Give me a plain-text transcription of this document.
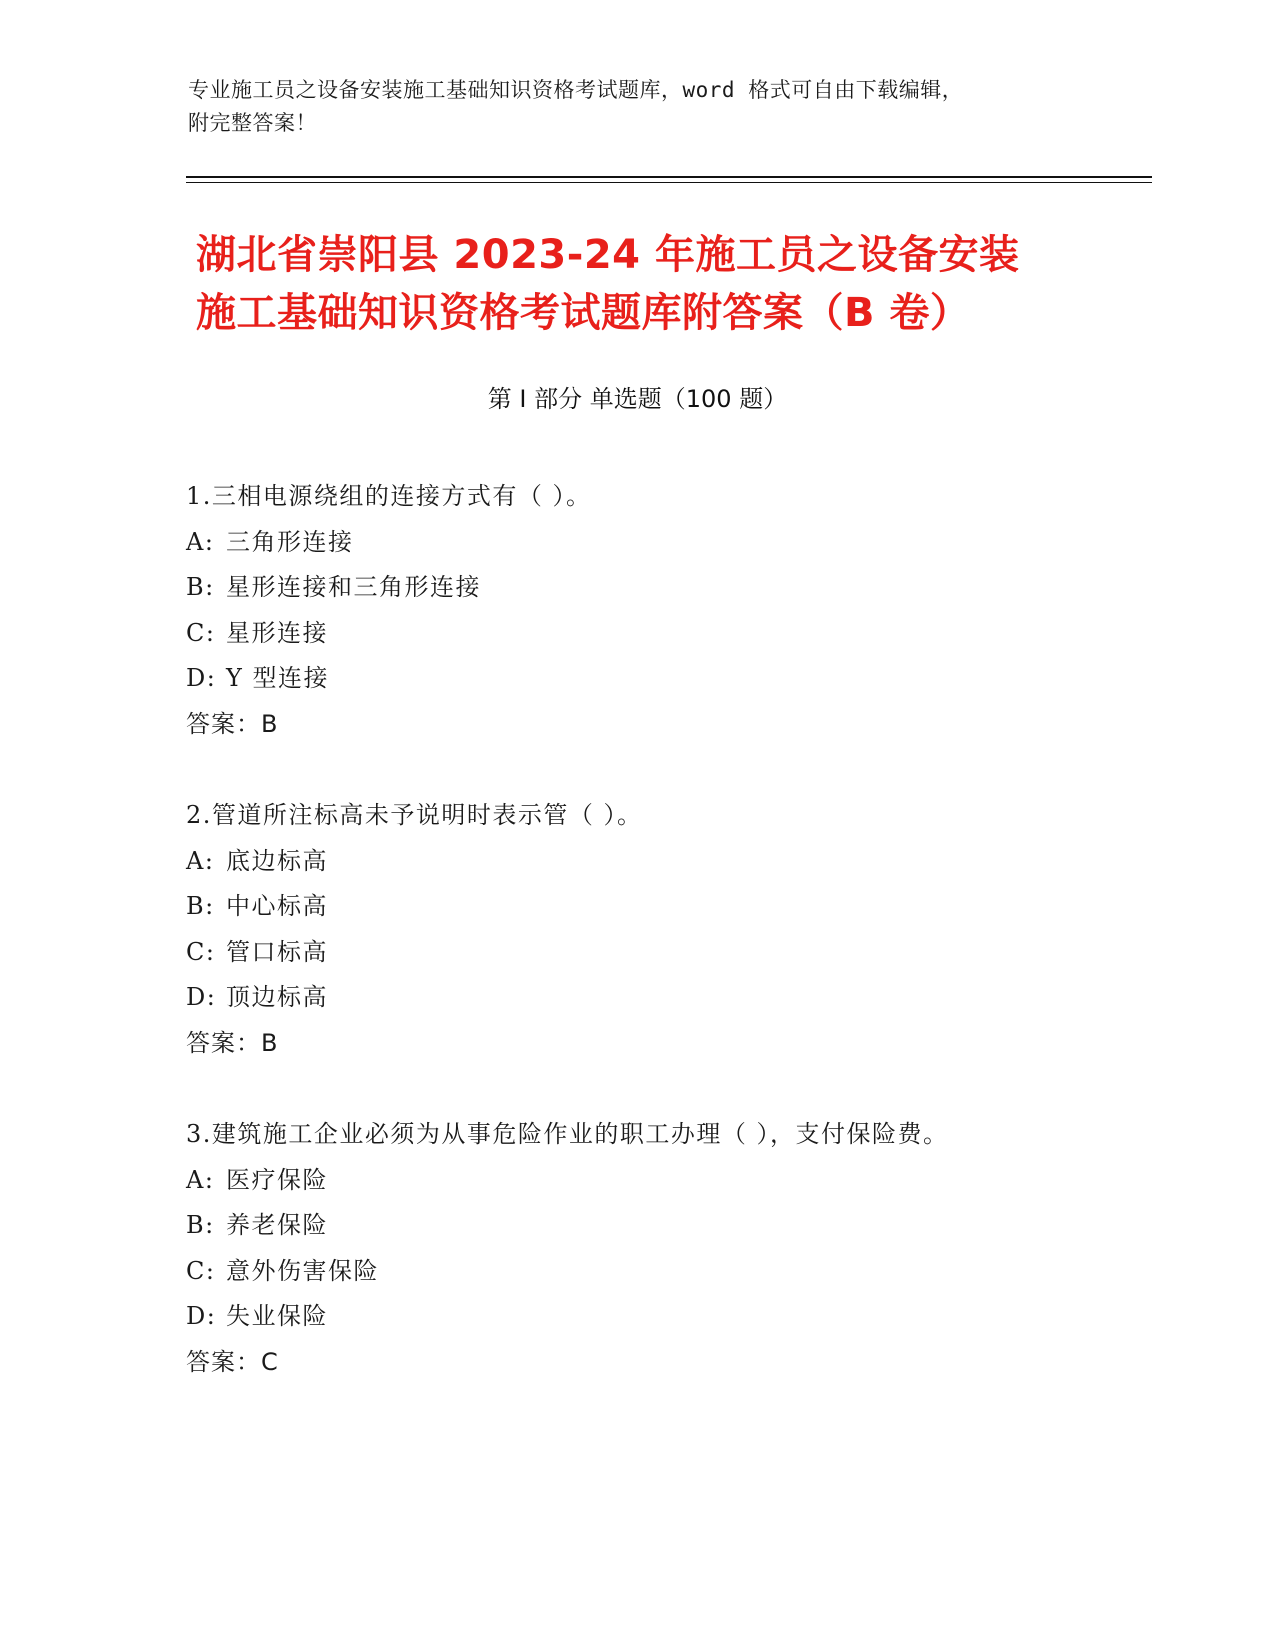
专业施工员之设备安装施工基础知识资格考试题库，word 格式可自由下载编辑，
附完整答案！
湖北省崇阳县 2023-24 年施工员之设备安装
施工基础知识资格考试题库附答案（B 卷）
第 I 部分 单选题（100 题）
1.三相电源绕组的连接方式有（ ）。
A: 三角形连接
B: 星形连接和三角形连接
C: 星形连接
D: Y 型连接
答案：B
2.管道所注标高未予说明时表示管（ ）。
A: 底边标高
B: 中心标高
C: 管口标高
D: 顶边标高
答案：B
3.建筑施工企业必须为从事危险作业的职工办理（ ），支付保险费。
A: 医疗保险
B: 养老保险
C: 意外伤害保险
D: 失业保险
答案：C
